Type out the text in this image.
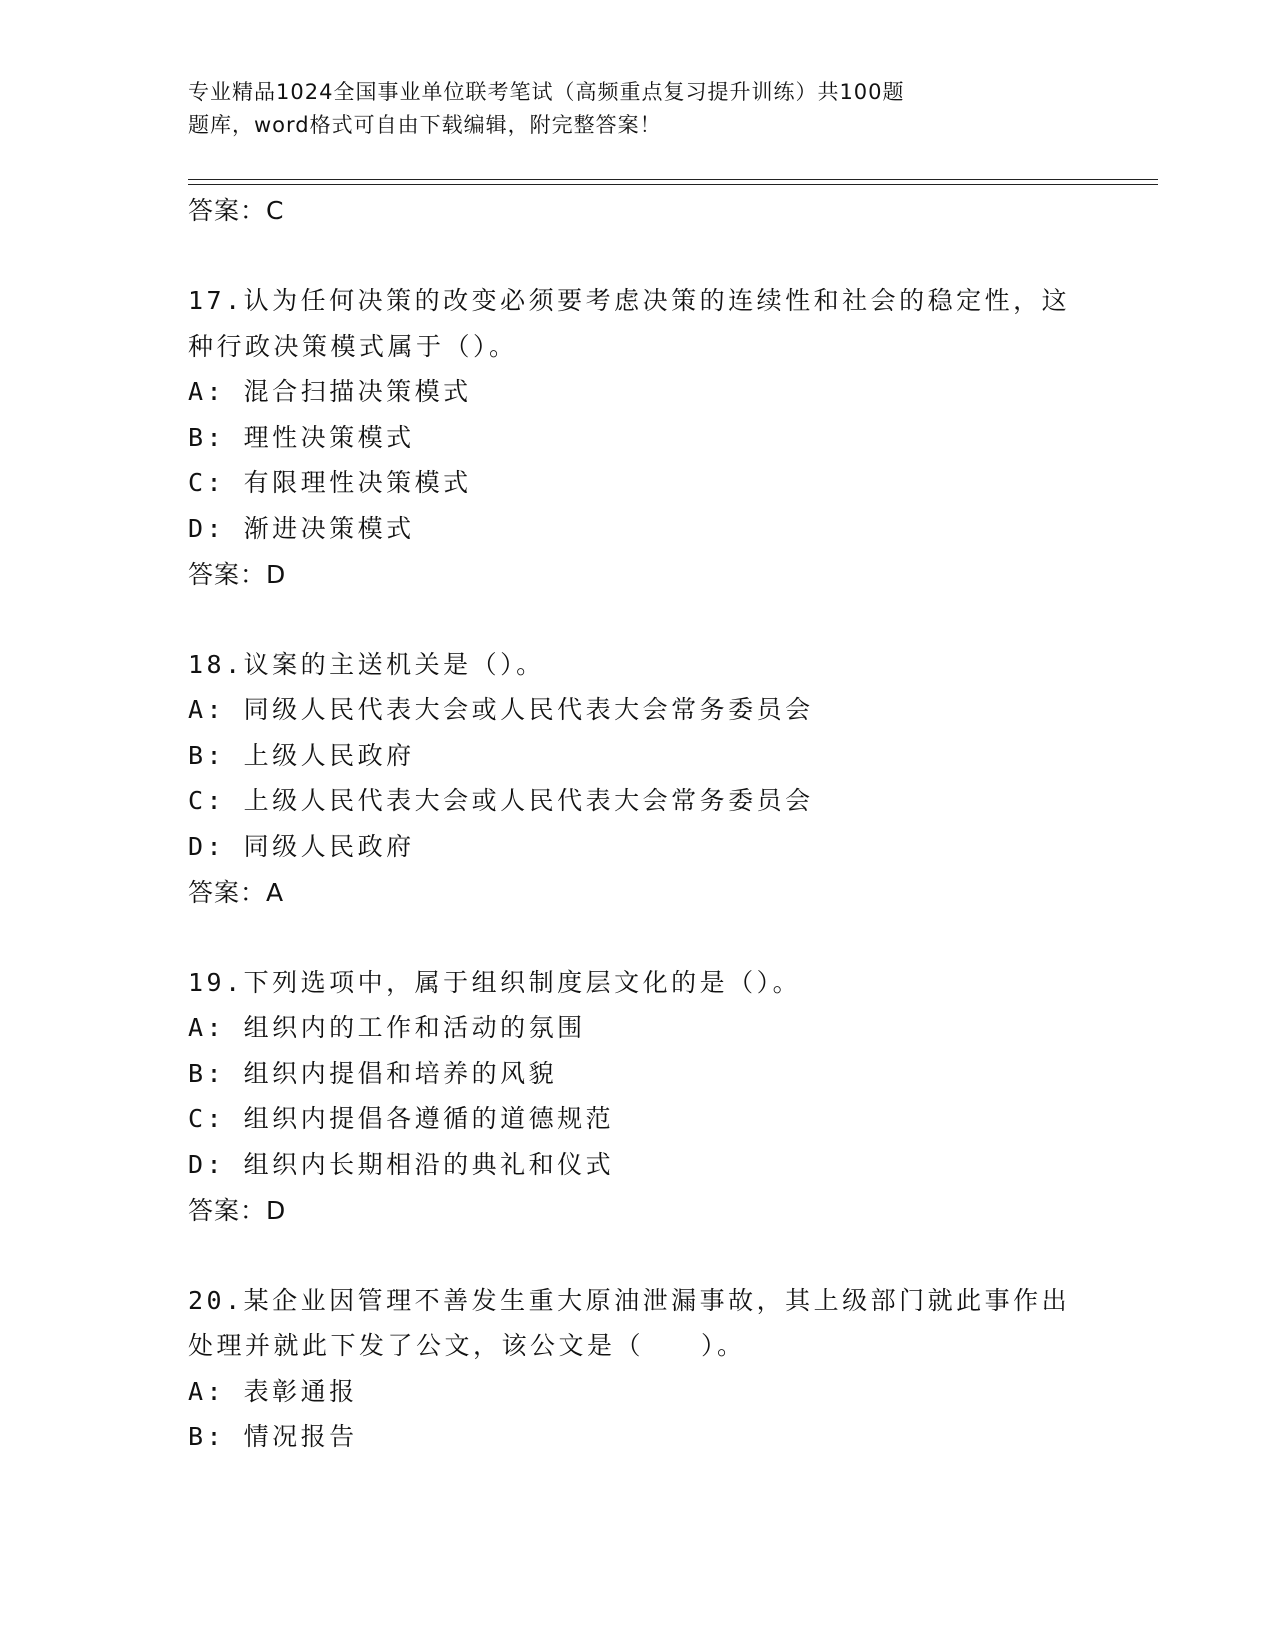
专业精品1024全国事业单位联考笔试（高频重点复习提升训练）共100题
题库，word格式可自由下载编辑，附完整答案！
答案：C
17.认为任何决策的改变必须要考虑决策的连续性和社会的稳定性，这
种行政决策模式属于（）。
A: 混合扫描决策模式
B: 理性决策模式
C: 有限理性决策模式
D: 渐进决策模式
答案：D
18.议案的主送机关是（）。
A: 同级人民代表大会或人民代表大会常务委员会
B: 上级人民政府
C: 上级人民代表大会或人民代表大会常务委员会
D: 同级人民政府
答案：A
19.下列选项中，属于组织制度层文化的是（）。
A: 组织内的工作和活动的氛围
B: 组织内提倡和培养的风貌
C: 组织内提倡各遵循的道德规范
D: 组织内长期相沿的典礼和仪式
答案：D
20.某企业因管理不善发生重大原油泄漏事故，其上级部门就此事作出
处理并就此下发了公文，该公文是（　　）。
A: 表彰通报
B: 情况报告
